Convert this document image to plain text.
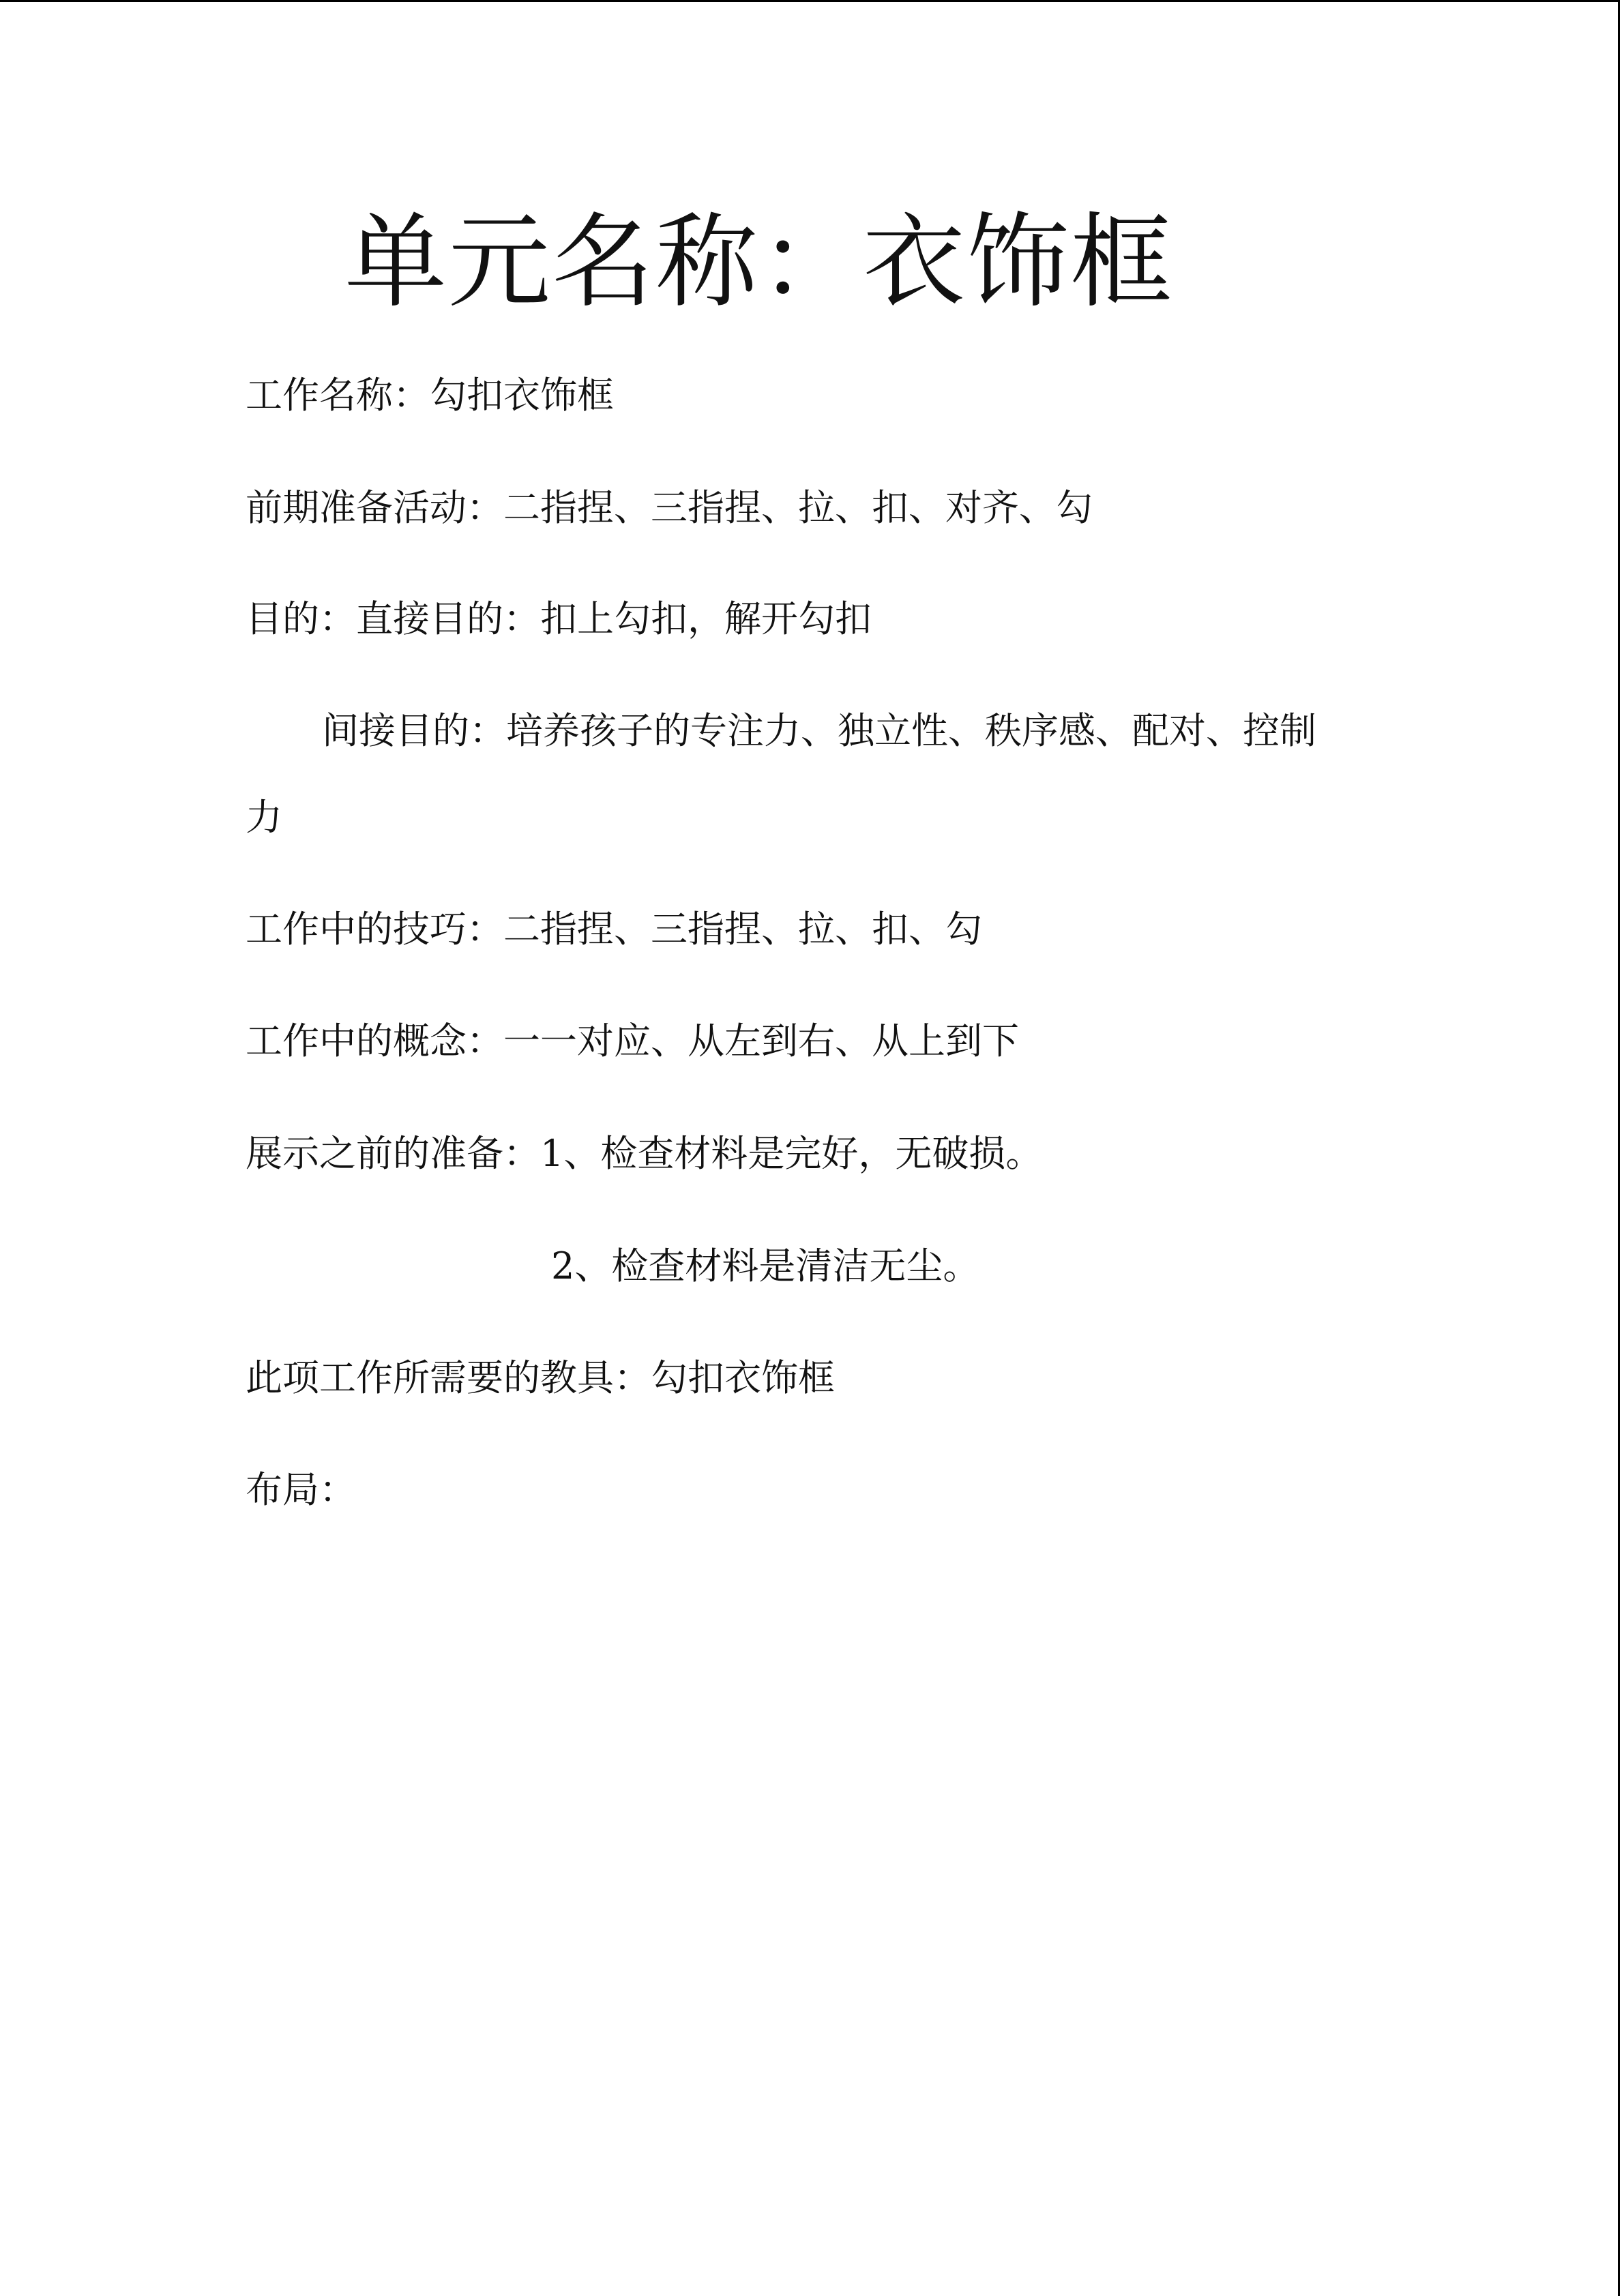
单元名称：衣饰框
工作名称：勾扣衣饰框
前期准备活动：二指捏、三指捏、拉、扣、对齐、勾
目的：直接目的：扣上勾扣，解开勾扣
间接目的：培养孩子的专注力、独立性、秩序感、配对、控制
力
工作中的技巧：二指捏、三指捏、拉、扣、勾
工作中的概念：一一对应、从左到右、从上到下
展示之前的准备：1、检查材料是完好，无破损。
2、检查材料是清洁无尘。
此项工作所需要的教具：勾扣衣饰框
布局：
